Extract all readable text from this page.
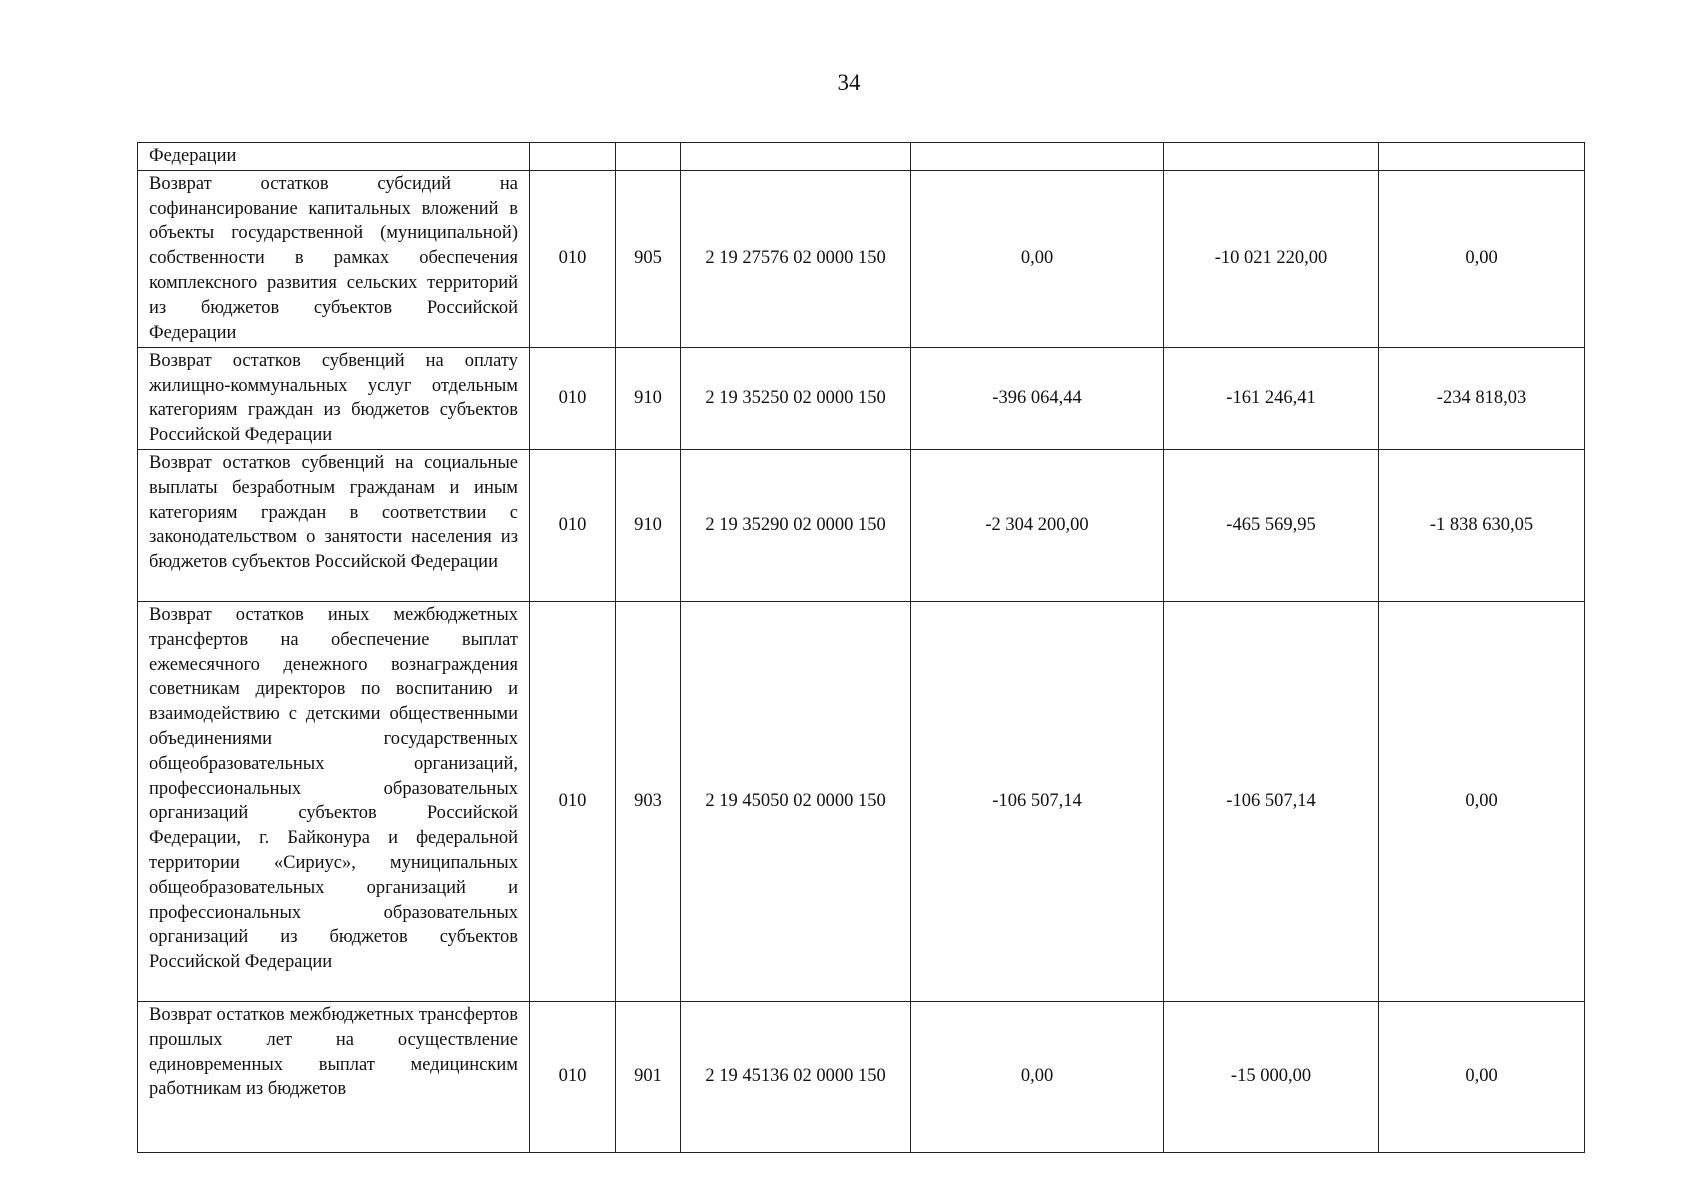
34
Федерации						
Возврат остатков субсидий на софинансирование капитальных вложений в объекты государственной (муниципальной) собственности в рамках обеспечения комплексного развития сельских территорий из бюджетов субъектов Российской Федерации	010	905	2 19 27576 02 0000 150	0,00	-10 021 220,00	0,00
Возврат остатков субвенций на оплату жилищно-коммунальных услуг отдельным категориям граждан из бюджетов субъектов Российской Федерации	010	910	2 19 35250 02 0000 150	-396 064,44	-161 246,41	-234 818,03
Возврат остатков субвенций на социальные выплаты безработным гражданам и иным категориям граждан в соответствии с законодательством о занятости населения из бюджетов субъектов Российской Федерации	010	910	2 19 35290 02 0000 150	-2 304 200,00	-465 569,95	-1 838 630,05
Возврат остатков иных межбюджетных трансфертов на обеспечение выплат ежемесячного денежного вознаграждения советникам директоров по воспитанию и взаимодействию с детскими общественными объединениями государственных общеобразовательных организаций, профессиональных образовательных организаций субъектов Российской Федерации, г. Байконура и федеральной территории «Сириус», муниципальных общеобразовательных организаций и профессиональных образовательных организаций из бюджетов субъектов Российской Федерации	010	903	2 19 45050 02 0000 150	-106 507,14	-106 507,14	0,00
Возврат остатков межбюджетных трансфертов прошлых лет на осуществление единовременных выплат медицинским работникам из бюджетов	010	901	2 19 45136 02 0000 150	0,00	-15 000,00	0,00
